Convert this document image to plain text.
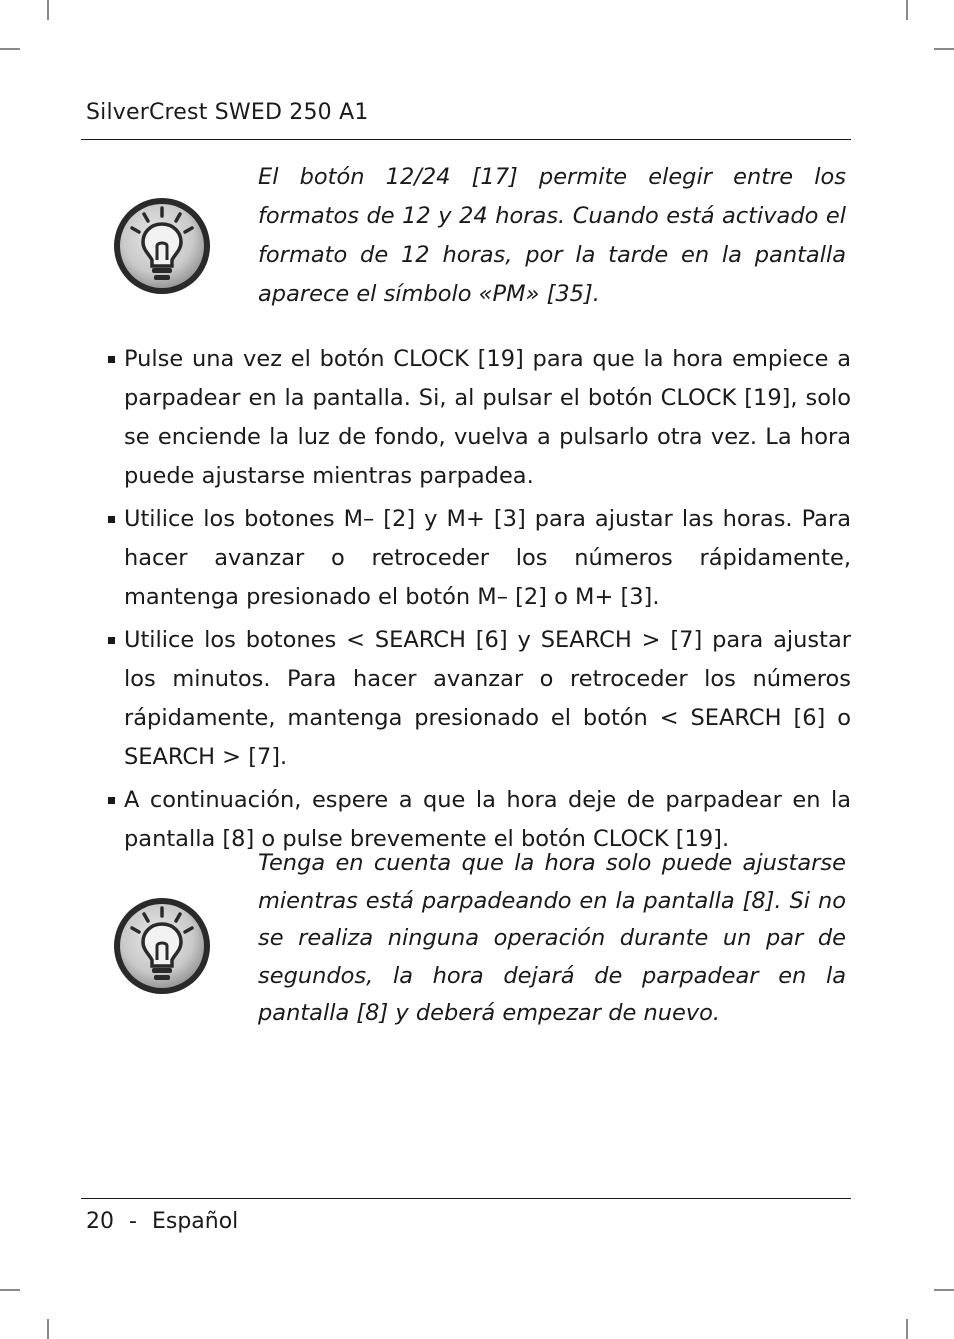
SilverCrest SWED 250 A1
El botón 12/24 [17] permite elegir entre los formatos de 12 y 24 horas. Cuando está activado el formato de 12 horas, por la tarde en la pantalla aparece el símbolo «PM» [35].
Pulse una vez el botón CLOCK [19] para que la hora empiece a parpadear en la pantalla. Si, al pulsar el botón CLOCK [19], solo se enciende la luz de fondo, vuelva a pulsarlo otra vez. La hora puede ajustarse mientras parpadea.
Utilice los botones M– [2] y M+ [3] para ajustar las horas. Para hacer avanzar o retroceder los números rápidamente, mantenga presionado el botón M– [2] o M+ [3].
Utilice los botones < SEARCH [6] y SEARCH > [7] para ajustar los minutos. Para hacer avanzar o retroceder los números rápidamente, mantenga presionado el botón < SEARCH [6] o SEARCH > [7].
A continuación, espere a que la hora deje de parpadear en la pantalla [8] o pulse brevemente el botón CLOCK [19].
Tenga en cuenta que la hora solo puede ajustarse mientras está parpadeando en la pantalla [8]. Si no se realiza ninguna operación durante un par de segundos, la hora dejará de parpadear en la pantalla [8] y deberá empezar de nuevo.
20 - Español
